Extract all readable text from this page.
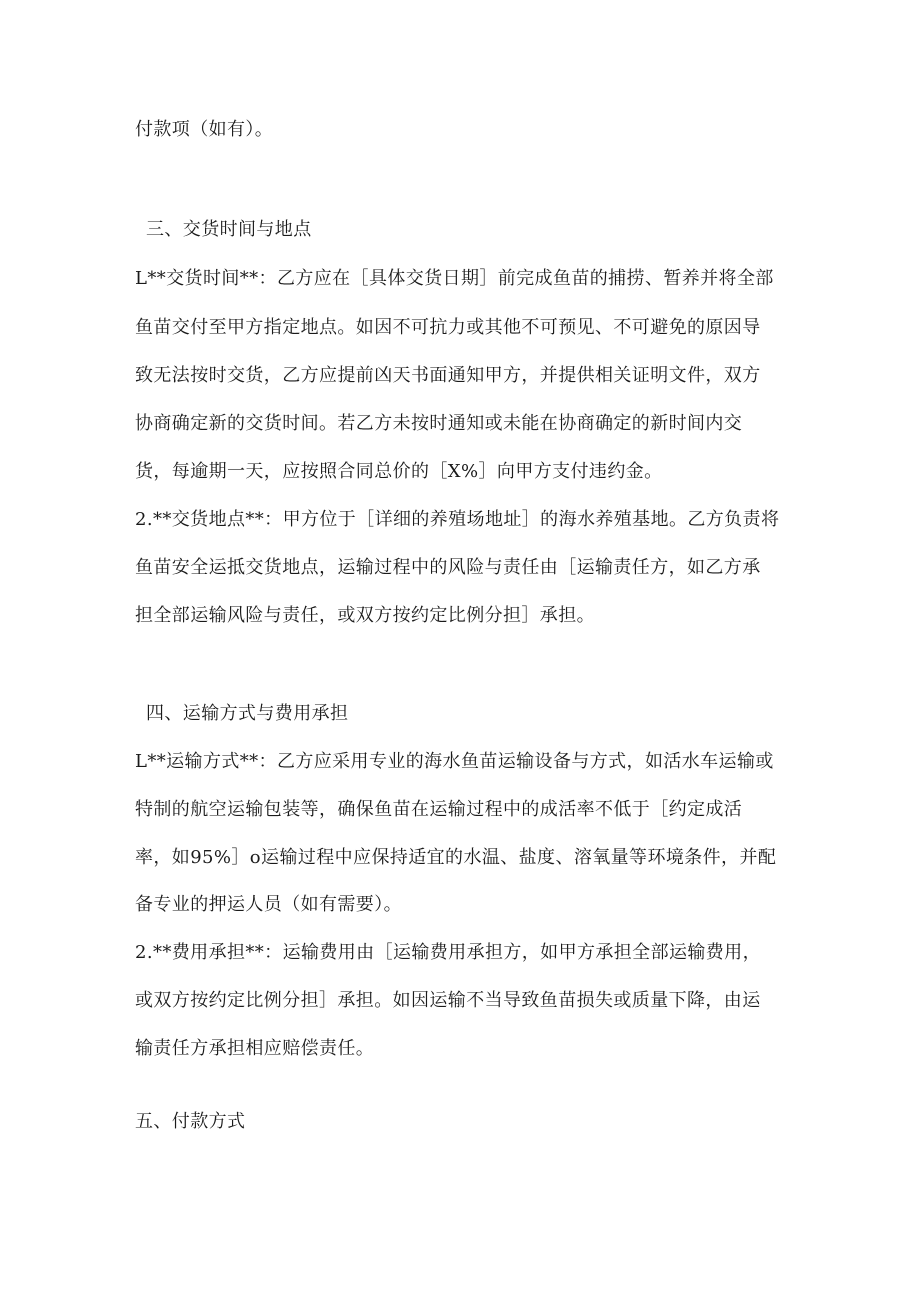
付款项（如有）。
三、交货时间与地点
L**交货时间**：乙方应在［具体交货日期］前完成鱼苗的捕捞、暂养并将全部
鱼苗交付至甲方指定地点。如因不可抗力或其他不可预见、不可避免的原因导
致无法按时交货，乙方应提前凶天书面通知甲方，并提供相关证明文件，双方
协商确定新的交货时间。若乙方未按时通知或未能在协商确定的新时间内交
货，每逾期一天，应按照合同总价的［X%］向甲方支付违约金。
2.**交货地点**：甲方位于［详细的养殖场地址］的海水养殖基地。乙方负责将
鱼苗安全运抵交货地点，运输过程中的风险与责任由［运输责任方，如乙方承
担全部运输风险与责任，或双方按约定比例分担］承担。
四、运输方式与费用承担
L**运输方式**：乙方应采用专业的海水鱼苗运输设备与方式，如活水车运输或
特制的航空运输包装等，确保鱼苗在运输过程中的成活率不低于［约定成活
率，如95%］o运输过程中应保持适宜的水温、盐度、溶氧量等环境条件，并配
备专业的押运人员（如有需要）。
2.**费用承担**：运输费用由［运输费用承担方，如甲方承担全部运输费用，
或双方按约定比例分担］承担。如因运输不当导致鱼苗损失或质量下降，由运
输责任方承担相应赔偿责任。
五、付款方式
